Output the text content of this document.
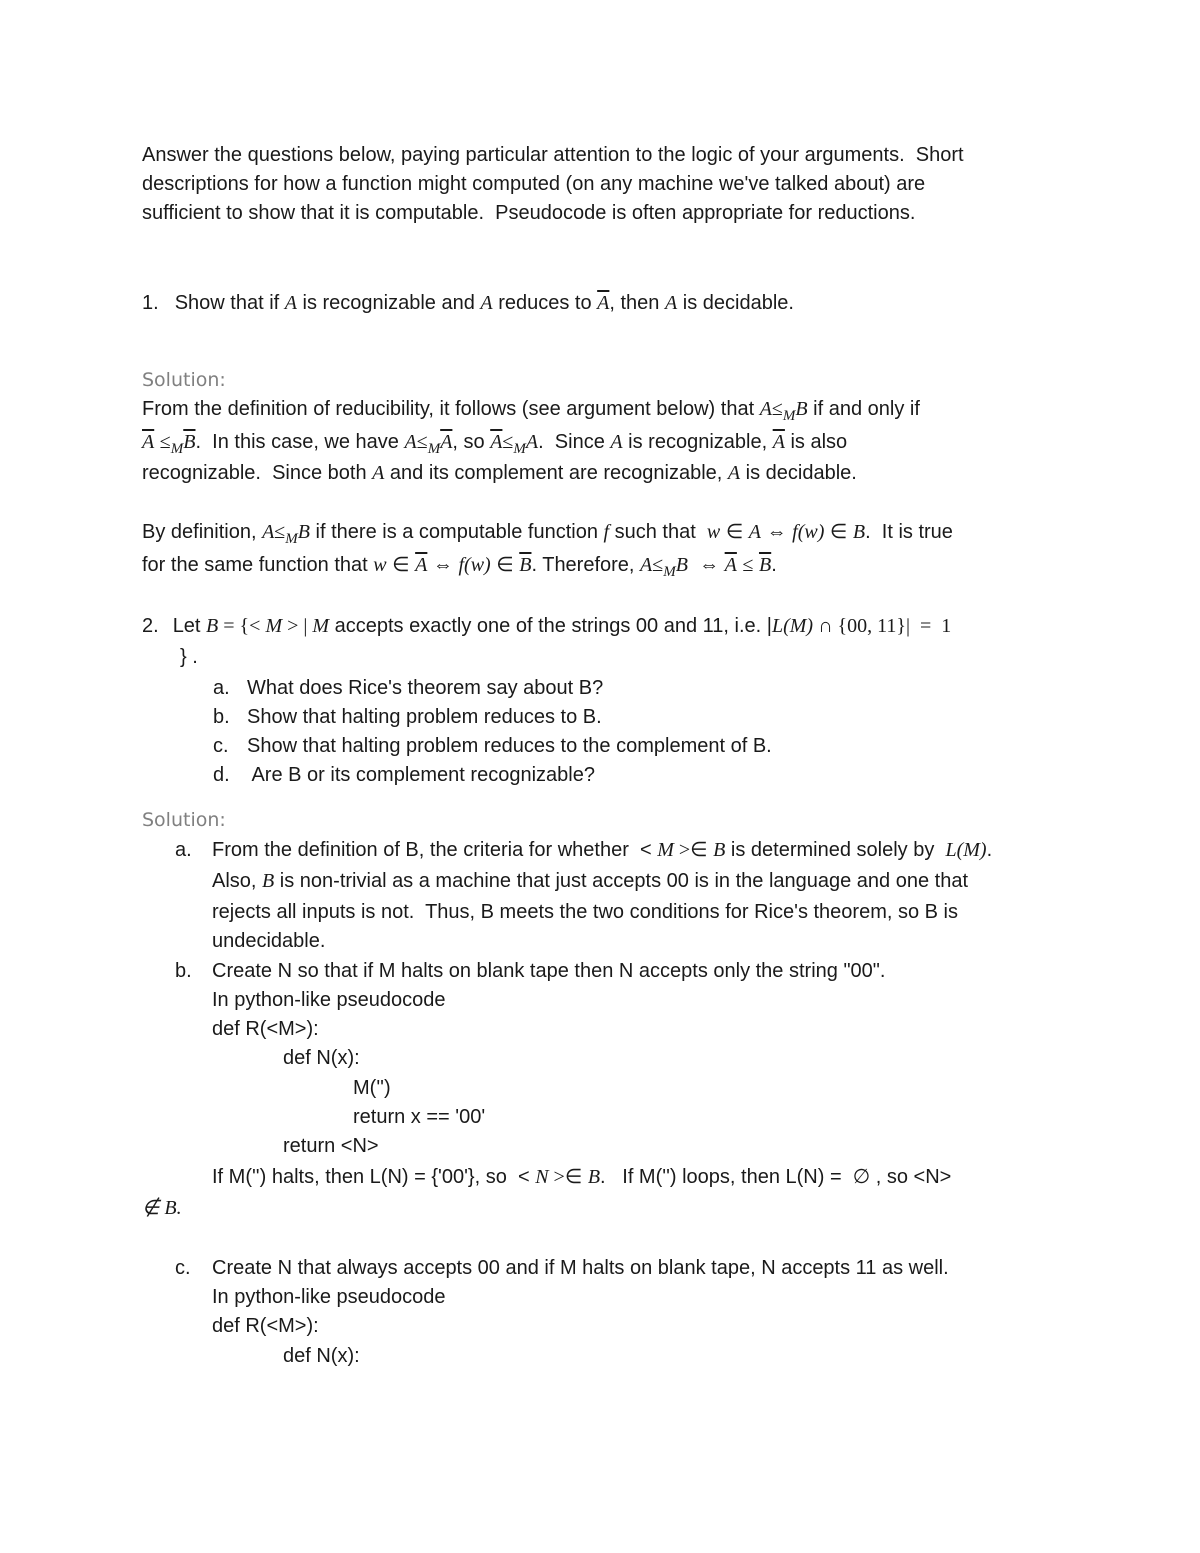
Answer the questions below, paying particular attention to the logic of your arguments.  Short
descriptions for how a function might computed (on any machine we've talked about) are
sufficient to show that it is computable.  Pseudocode is often appropriate for reductions.
1. Show that if A is recognizable and A reduces to $\overline{A}$, then A is decidable.
Solution:
From the definition of reducibility, it follows (see argument below) that $A\le_MB$ if and only if
$\overline{A} \le_M\overline{B}$.  In this case, we have $A\le_M\overline{A}$, so $\overline{A}\le_MA$.  Since A is recognizable, $\overline{A}$ is also
recognizable.  Since both A and its complement are recognizable, A is decidable.
By definition, $A\le_MB$ if there is a computable function f such that  w ∈ A ⇔ f(w) ∈ B.  It is true
for the same function that w ∈ $\overline{A}$ ⇔ f(w) ∈ $\overline{B}$. Therefore, $A\le_MB$ ⇔ $\overline{A} \le \overline{B}$.
2. Let B = {< M > | M accepts exactly one of the strings 00 and 11, i.e. |L(M) ∩ {00, 11}|  =  1
} .
a. What does Rice's theorem say about B?
b. Show that halting problem reduces to B.
c. Show that halting problem reduces to the complement of B.
d. Are B or its complement recognizable?
Solution:
a. From the definition of B, the criteria for whether  < M >∈ B is determined solely by  L(M).
Also, B is non-trivial as a machine that just accepts 00 is in the language and one that
rejects all inputs is not.  Thus, B meets the two conditions for Rice's theorem, so B is
undecidable.
b. Create N so that if M halts on blank tape then N accepts only the string "00".
In python-like pseudocode
def R(<M>):
def N(x):
M('')
return x == '00'
return <N>
If M('') halts, then L(N) = {'00'}, so  < N >∈ B.   If M('') loops, then L(N) =  ∅ , so <N>
∉ B.
c. Create N that always accepts 00 and if M halts on blank tape, N accepts 11 as well.
In python-like pseudocode
def R(<M>):
def N(x):
